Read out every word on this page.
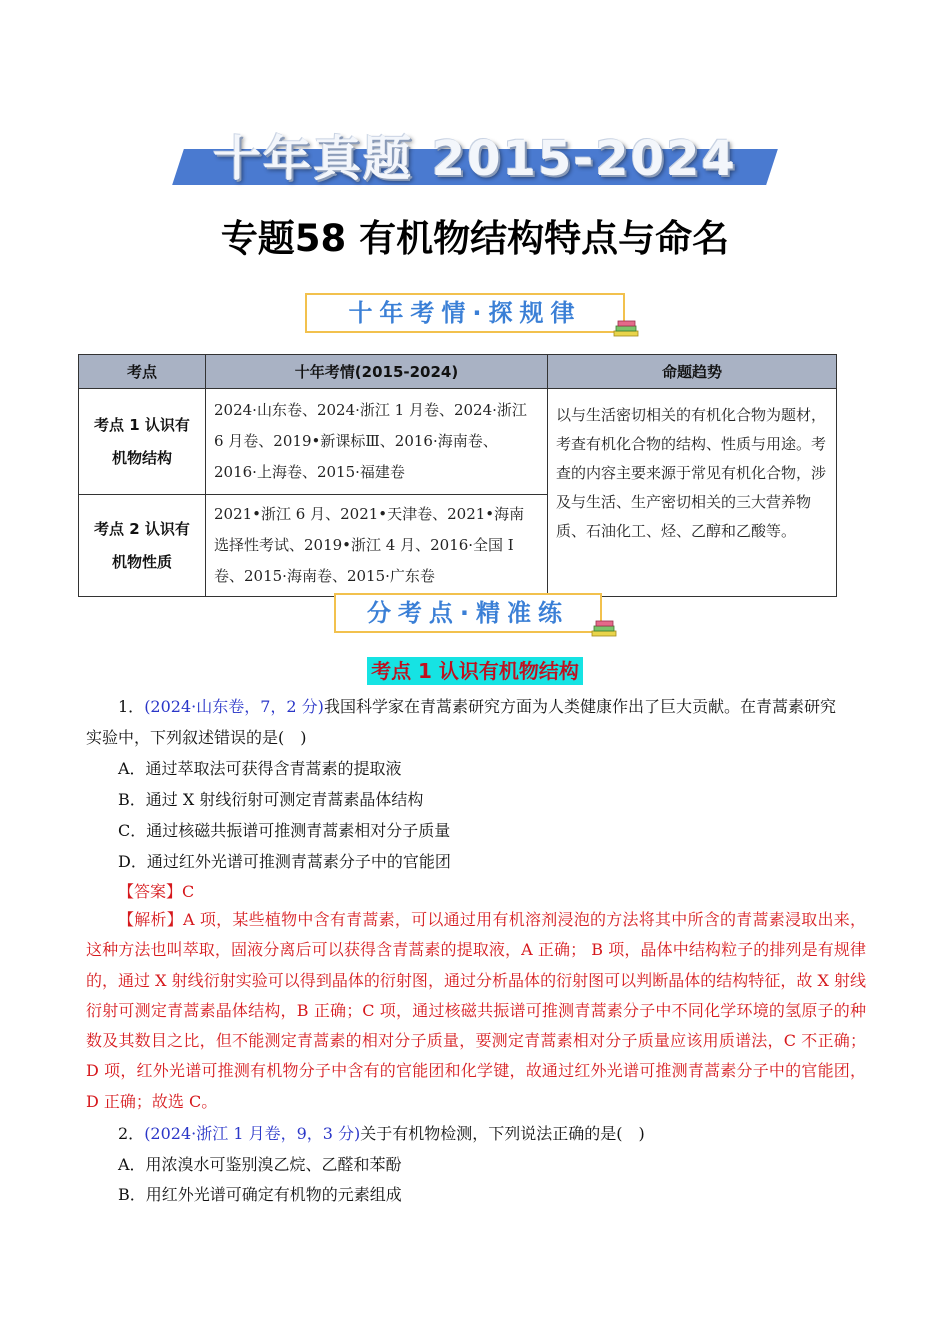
十年真题 2015-2024
专题58 有机物结构特点与命名
十年考情·探规律
考点	十年考情(2015-2024)	命题趋势

考点 1 认识有
机物结构	2024·山东卷、2024·浙江 1 月卷、2024·浙江 6 月卷、2019•新课标Ⅲ、2016·海南卷、2016·上海卷、2015·福建卷	以与生活密切相关的有机化合物为题材，考查有机化合物的结构、性质与用途。考查的内容主要来源于常见有机化合物，涉及与生活、生产密切相关的三大营养物质、石油化工、烃、乙醇和乙酸等。

考点 2 认识有
机物性质	2021•浙江 6 月、2021•天津卷、2021•海南选择性考试、2019•浙江 4 月、2016·全国 I 卷、2015·海南卷、2015·广东卷	
分考点·精准练
考点 1 认识有机物结构
1．(2024·山东卷，7，2 分)我国科学家在青蒿素研究方面为人类健康作出了巨大贡献。在青蒿素研究
实验中，下列叙述错误的是(　)
A．通过萃取法可获得含青蒿素的提取液
B．通过 X 射线衍射可测定青蒿素晶体结构
C．通过核磁共振谱可推测青蒿素相对分子质量
D．通过红外光谱可推测青蒿素分子中的官能团
【答案】C
【解析】A 项，某些植物中含有青蒿素，可以通过用有机溶剂浸泡的方法将其中所含的青蒿素浸取出来，这种方法也叫萃取，固液分离后可以获得含青蒿素的提取液，A 正确； B 项，晶体中结构粒子的排列是有规律的，通过 X 射线衍射实验可以得到晶体的衍射图，通过分析晶体的衍射图可以判断晶体的结构特征，故 X 射线衍射可测定青蒿素晶体结构，B 正确；C 项，通过核磁共振谱可推测青蒿素分子中不同化学环境的氢原子的种数及其数目之比，但不能测定青蒿素的相对分子质量，要测定青蒿素相对分子质量应该用质谱法，C 不正确；D 项，红外光谱可推测有机物分子中含有的官能团和化学键，故通过红外光谱可推测青蒿素分子中的官能团，D 正确；故选 C。
2．(2024·浙江 1 月卷，9，3 分)关于有机物检测，下列说法正确的是(　)
A．用浓溴水可鉴别溴乙烷、乙醛和苯酚
B．用红外光谱可确定有机物的元素组成
